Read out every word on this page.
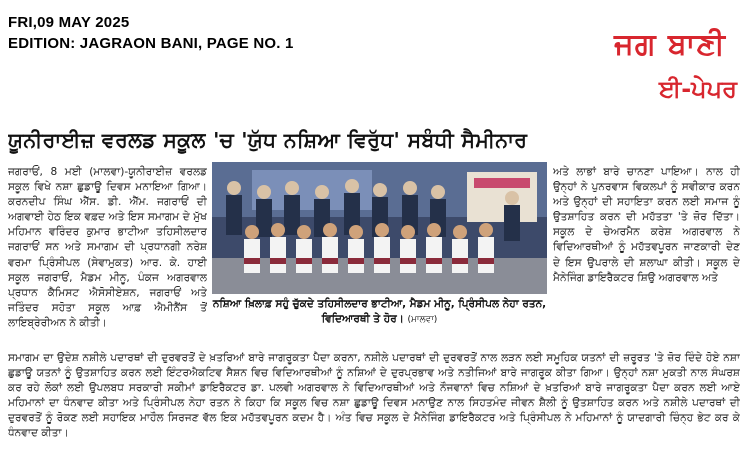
FRI,09 MAY 2025
EDITION: JAGRAON BANI, PAGE NO. 1	ਜਗ ਬਾਣੀ
ਈ-ਪੇਪਰ
ਯੂਨੀਰਾਈਜ਼ ਵਰਲਡ ਸਕੂਲ 'ਚ 'ਯੁੱਧ ਨਸ਼ਿਆ ਵਿਰੁੱਧ' ਸਬੰਧੀ ਸੈਮੀਨਾਰ
ਜਗਰਾਓਂ, 8 ਮਈ (ਮਾਲਵਾ)-ਯੂਨੀਰਾਈਜ਼ ਵਰਲਡ ਸਕੂਲ ਵਿਖੇ ਨਸ਼ਾ ਛੁਡਾਊ ਦਿਵਸ ਮਨਾਇਆ ਗਿਆ। ਕਰਨਦੀਪ ਸਿੰਘ ਐੱਸ. ਡੀ. ਐੱਮ. ਜਗਰਾਓਂ ਦੀ ਅਗਵਾਈ ਹੇਠ ਇਕ ਵਫ਼ਦ ਅਤੇ ਇਸ ਸਮਾਗਮ ਦੇ ਮੁੱਖ ਮਹਿਮਾਨ ਵਰਿੰਦਰ ਕੁਮਾਰ ਭਾਟੀਆ ਤਹਿਸੀਲਦਾਰ ਜਗਰਾਓਂ ਸਨ ਅਤੇ ਸਮਾਗਮ ਦੀ ਪ੍ਰਧਾਨਗੀ ਨਰੇਸ਼ ਵਰਮਾ ਪ੍ਰਿੰਸੀਪਲ (ਸੇਵਾਮੁਕਤ) ਆਰ. ਕੇ. ਹਾਈ ਸਕੂਲ ਜਗਰਾਓਂ, ਮੈਡਮ ਮੀਨੂ, ਪੰਕਜ ਅਗਰਵਾਲ ਪ੍ਰਧਾਨ ਕੈਮਿਸਟ ਐਸੋਸੀਏਸ਼ਨ, ਜਗਰਾਓਂ ਅਤੇ ਜਤਿੰਦਰ ਸਹੋਤਾ ਸਕੂਲ ਆਫ਼ ਐਮੀਨੈਂਸ ਤੋਂ ਲਾਇਬ੍ਰੇਰੀਅਨ ਨੇ ਕੀਤੀ।
ਨਸ਼ਿਆ ਖ਼ਿਲਾਫ਼ ਸਹੁੰ ਚੁੱਕਦੇ ਤਹਿਸੀਲਦਾਰ ਭਾਟੀਆ, ਮੈਡਮ ਮੀਨੂ, ਪ੍ਰਿੰਸੀਪਲ ਨੇਹਾ ਰਤਨ, ਵਿਦਿਆਰਥੀ ਤੇ ਹੋਰ। (ਮਾਲਵਾ)
ਅਤੇ ਲਾਭਾਂ ਬਾਰੇ ਚਾਨਣਾ ਪਾਇਆ। ਨਾਲ ਹੀ ਉਨ੍ਹਾਂ ਨੇ ਪੁਨਰਵਾਸ ਵਿਕਲਪਾਂ ਨੂੰ ਸਵੀਕਾਰ ਕਰਨ ਅਤੇ ਉਨ੍ਹਾਂ ਦੀ ਸਹਾਇਤਾ ਕਰਨ ਲਈ ਸਮਾਜ ਨੂੰ ਉਤਸ਼ਾਹਿਤ ਕਰਨ ਦੀ ਮਹੱਤਤਾ 'ਤੇ ਜ਼ੋਰ ਦਿੱਤਾ। ਸਕੂਲ ਦੇ ਚੇਅਰਮੈਨ ਕਰੇਸ਼ ਅਗਰਵਾਲ ਨੇ ਵਿਦਿਆਰਥੀਆਂ ਨੂੰ ਮਹੱਤਵਪੂਰਨ ਜਾਣਕਾਰੀ ਦੇਣ ਦੇ ਇਸ ਉਪਰਾਲੇ ਦੀ ਸ਼ਲਾਘਾ ਕੀਤੀ। ਸਕੂਲ ਦੇ ਮੈਨੇਜਿੰਗ ਡਾਇਰੈਕਟਰ ਸ਼ਿਉ ਅਗਰਵਾਲ ਅਤੇ
ਸਮਾਗਮ ਦਾ ਉਦੇਸ਼ ਨਸ਼ੀਲੇ ਪਦਾਰਥਾਂ ਦੀ ਦੁਰਵਰਤੋਂ ਦੇ ਖ਼ਤਰਿਆਂ ਬਾਰੇ ਜਾਗਰੂਕਤਾ ਪੈਦਾ ਕਰਨਾ, ਨਸ਼ੀਲੇ ਪਦਾਰਥਾਂ ਦੀ ਦੁਰਵਰਤੋਂ ਨਾਲ ਲੜਨ ਲਈ ਸਮੂਹਿਕ ਯਤਨਾਂ ਦੀ ਜ਼ਰੂਰਤ 'ਤੇ ਜ਼ੋਰ ਦਿੰਦੇ ਹੋਏ ਨਸ਼ਾ ਛੁਡਾਊ ਯਤਨਾਂ ਨੂੰ ਉਤਸ਼ਾਹਿਤ ਕਰਨ ਲਈ ਇੰਟਰਐਕਟਿਵ ਸੈਸ਼ਨ ਵਿਚ ਵਿਦਿਆਰਥੀਆਂ ਨੂੰ ਨਸ਼ਿਆਂ ਦੇ ਦੁਰਪ੍ਰਭਾਵ ਅਤੇ ਨਤੀਜਿਆਂ ਬਾਰੇ ਜਾਗਰੂਕ ਕੀਤਾ ਗਿਆ। ਉਨ੍ਹਾਂ ਨਸ਼ਾ ਮੁਕਤੀ ਨਾਲ ਸੰਘਰਸ਼ ਕਰ ਰਹੇ ਲੋਕਾਂ ਲਈ ਉਪਲਬਧ ਸਰਕਾਰੀ ਸਕੀਮਾਂ ਡਾਇਰੈਕਟਰ ਡਾ. ਪਲਵੀ ਅਗਰਵਾਲ ਨੇ ਵਿਦਿਆਰਥੀਆਂ ਅਤੇ ਨੌਜਵਾਨਾਂ ਵਿਚ ਨਸ਼ਿਆਂ ਦੇ ਖ਼ਤਰਿਆਂ ਬਾਰੇ ਜਾਗਰੂਕਤਾ ਪੈਦਾ ਕਰਨ ਲਈ ਆਏ ਮਹਿਮਾਨਾਂ ਦਾ ਧੰਨਵਾਦ ਕੀਤਾ ਅਤੇ ਪ੍ਰਿੰਸੀਪਲ ਨੇਹਾ ਰਤਨ ਨੇ ਕਿਹਾ ਕਿ ਸਕੂਲ ਵਿਚ ਨਸ਼ਾ ਛੁਡਾਊ ਦਿਵਸ ਮਨਾਉਣ ਨਾਲ ਸਿਹਤਮੰਦ ਜੀਵਨ ਸ਼ੈਲੀ ਨੂੰ ਉਤਸ਼ਾਹਿਤ ਕਰਨ ਅਤੇ ਨਸ਼ੀਲੇ ਪਦਾਰਥਾਂ ਦੀ ਦੁਰਵਰਤੋਂ ਨੂੰ ਰੋਕਣ ਲਈ ਸਹਾਇਕ ਮਾਹੌਲ ਸਿਰਜਣ ਵੱਲ ਇਕ ਮਹੱਤਵਪੂਰਨ ਕਦਮ ਹੈ। ਅੰਤ ਵਿਚ ਸਕੂਲ ਦੇ ਮੈਨੇਜਿੰਗ ਡਾਇਰੈਕਟਰ ਅਤੇ ਪ੍ਰਿੰਸੀਪਲ ਨੇ ਮਹਿਮਾਨਾਂ ਨੂੰ ਯਾਦਗਾਰੀ ਚਿੰਨ੍ਹ ਭੇਟ ਕਰ ਕੇ ਧੰਨਵਾਦ ਕੀਤਾ।
